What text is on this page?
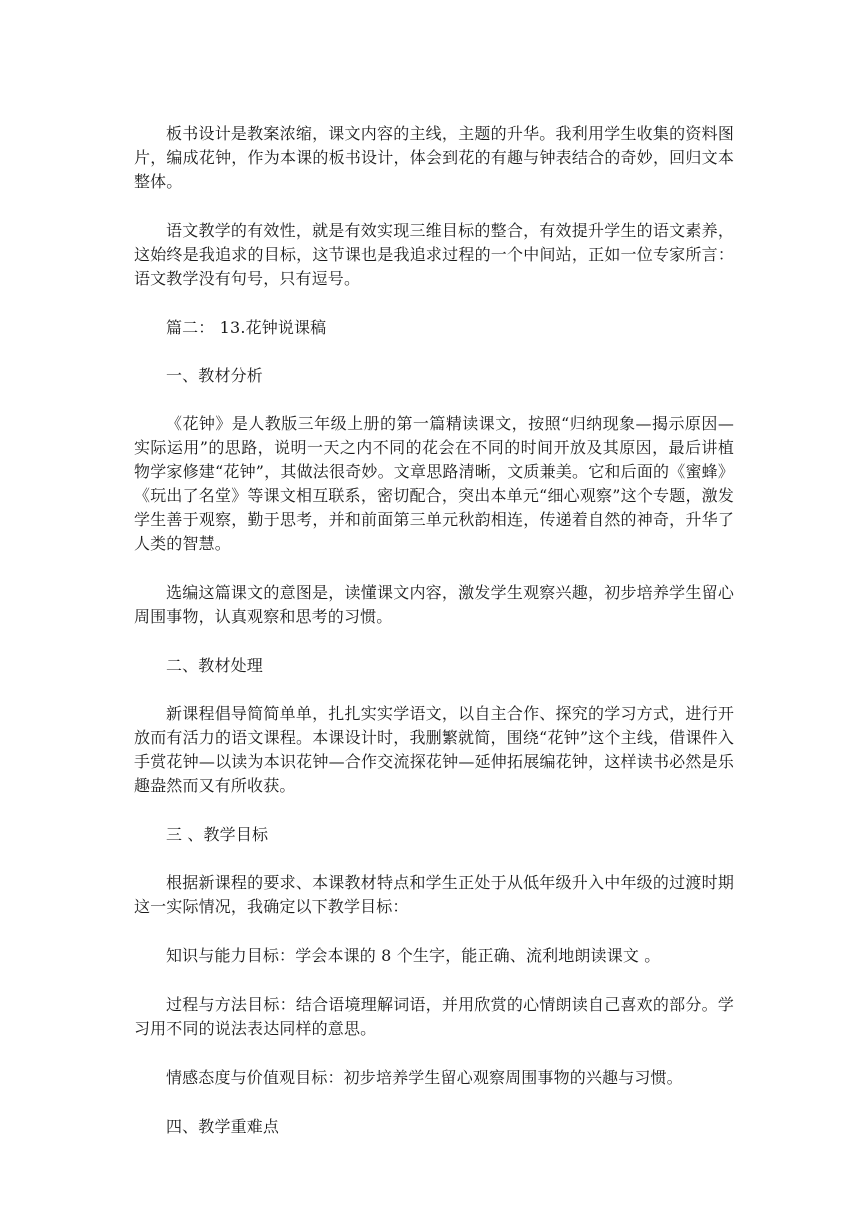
板书设计是教案浓缩，课文内容的主线，主题的升华。我利用学生收集的资料图片，编成花钟，作为本课的板书设计，体会到花的有趣与钟表结合的奇妙，回归文本整体。

语文教学的有效性，就是有效实现三维目标的整合，有效提升学生的语文素养，这始终是我追求的目标，这节课也是我追求过程的一个中间站，正如一位专家所言：语文教学没有句号，只有逗号。

篇二： 13.花钟说课稿

一、教材分析

《花钟》是人教版三年级上册的第一篇精读课文，按照“归纳现象—揭示原因—实际运用”的思路，说明一天之内不同的花会在不同的时间开放及其原因，最后讲植物学家修建“花钟”，其做法很奇妙。文章思路清晰，文质兼美。它和后面的《蜜蜂》《玩出了名堂》等课文相互联系，密切配合，突出本单元“细心观察”这个专题，激发学生善于观察，勤于思考，并和前面第三单元秋韵相连，传递着自然的神奇，升华了人类的智慧。

选编这篇课文的意图是，读懂课文内容，激发学生观察兴趣，初步培养学生留心周围事物，认真观察和思考的习惯。

二、教材处理

新课程倡导简简单单，扎扎实实学语文，以自主合作、探究的学习方式，进行开放而有活力的语文课程。本课设计时，我删繁就简，围绕“花钟”这个主线，借课件入手赏花钟—以读为本识花钟—合作交流探花钟—延伸拓展编花钟，这样读书必然是乐趣盎然而又有所收获。

三 、教学目标

根据新课程的要求、本课教材特点和学生正处于从低年级升入中年级的过渡时期这一实际情况，我确定以下教学目标：

知识与能力目标：学会本课的 8 个生字，能正确、流利地朗读课文 。

过程与方法目标：结合语境理解词语，并用欣赏的心情朗读自己喜欢的部分。学习用不同的说法表达同样的意思。

情感态度与价值观目标：初步培养学生留心观察周围事物的兴趣与习惯。

四、教学重难点
